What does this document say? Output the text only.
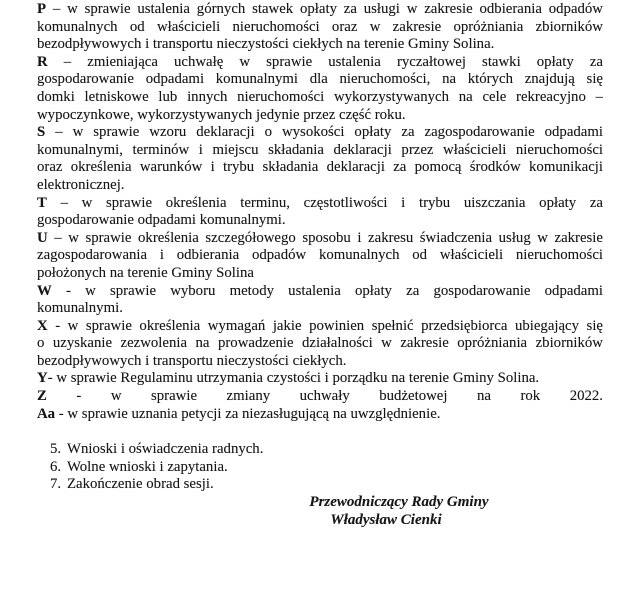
P – w sprawie ustalenia górnych stawek opłaty za usługi w zakresie odbierania odpadów
komunalnych od właścicieli nieruchomości oraz w zakresie opróżniania zbiorników
bezodpływowych i transportu nieczystości ciekłych na terenie Gminy Solina.
R – zmieniająca uchwałę w sprawie ustalenia ryczałtowej stawki opłaty za
gospodarowanie odpadami komunalnymi dla nieruchomości, na których znajdują się
domki letniskowe lub innych nieruchomości wykorzystywanych na cele rekreacyjno –
wypoczynkowe, wykorzystywanych jedynie przez część roku.
S – w sprawie wzoru deklaracji o wysokości opłaty za zagospodarowanie odpadami
komunalnymi, terminów i miejscu składania deklaracji przez właścicieli nieruchomości
oraz określenia warunków i trybu składania deklaracji za pomocą środków komunikacji
elektronicznej.
T – w sprawie określenia terminu, częstotliwości i trybu uiszczania opłaty za
gospodarowanie odpadami komunalnymi.
U – w sprawie określenia szczegółowego sposobu i zakresu świadczenia usług w zakresie
zagospodarowania i odbierania odpadów komunalnych od właścicieli nieruchomości
położonych na terenie Gminy Solina
W - w sprawie wyboru metody ustalenia opłaty za gospodarowanie odpadami
komunalnymi.
X - w sprawie określenia wymagań jakie powinien spełnić przedsiębiorca ubiegający się
o uzyskanie zezwolenia na prowadzenie działalności w zakresie opróżniania zbiorników
bezodpływowych i transportu nieczystości ciekłych.
Y- w sprawie Regulaminu utrzymania czystości i porządku na terenie Gminy Solina.
Z - w sprawie zmiany uchwały budżetowej na rok 2022.
Aa - w sprawie uznania petycji za niezasługującą na uwzględnienie.
5. Wnioski i oświadczenia radnych.
6. Wolne wnioski i zapytania.
7. Zakończenie obrad sesji.
Przewodniczący Rady Gminy
Władysław Cienki
